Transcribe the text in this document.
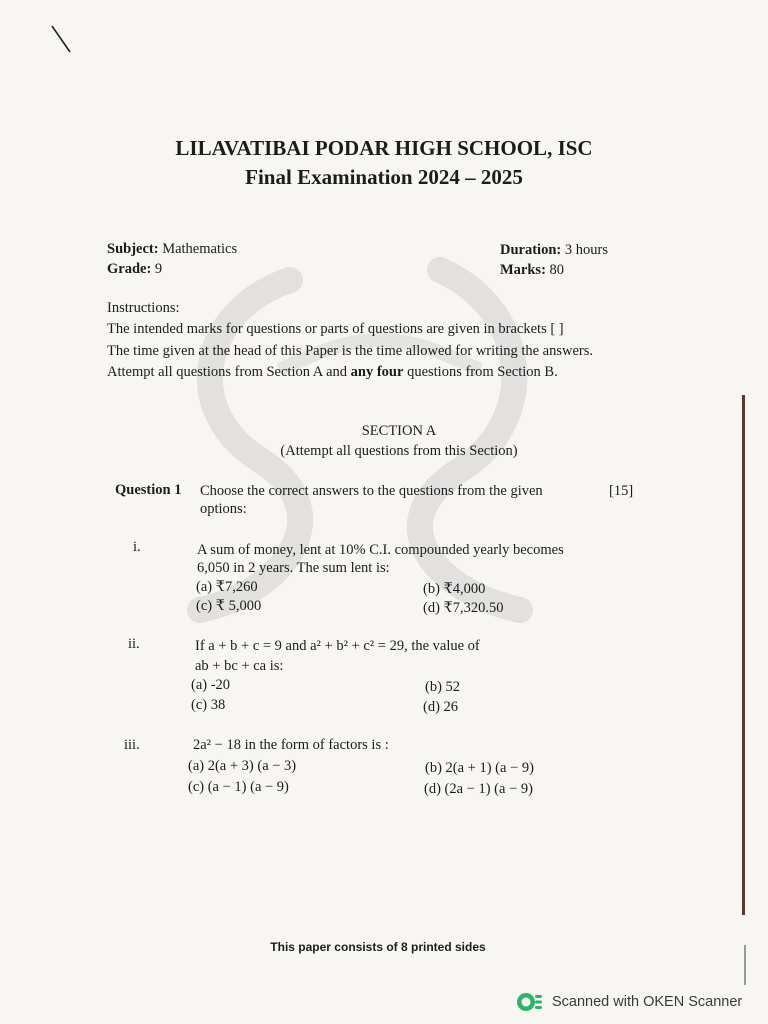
LILAVATIBAI PODAR HIGH SCHOOL, ISC
Final Examination 2024 – 2025
Subject: Mathematics
Grade: 9
Duration: 3 hours
Marks: 80
Instructions:
The intended marks for questions or parts of questions are given in brackets [ ]
The time given at the head of this Paper is the time allowed for writing the answers.
Attempt all questions from Section A and any four questions from Section B.
SECTION A
(Attempt all questions from this Section)
Question 1 Choose the correct answers to the questions from the given
options:
[15]
i.	A sum of money, lent at 10% C.I. compounded yearly becomes
6,050 in 2 years. The sum lent is:
(a) ₹7,260	(b) ₹4,000
(c) ₹ 5,000	(d) ₹7,320.50
ii.	If a + b + c = 9 and a² + b² + c² = 29, the value of
ab + bc + ca is:
(a) -20	(b) 52
(c) 38	(d) 26
iii.	2a² − 18 in the form of factors is :
(a) 2(a + 3) (a − 3)	(b) 2(a + 1) (a − 9)
(c) (a − 1) (a − 9)	(d) (2a − 1) (a − 9)
This paper consists of 8 printed sides
Scanned with OKEN Scanner
